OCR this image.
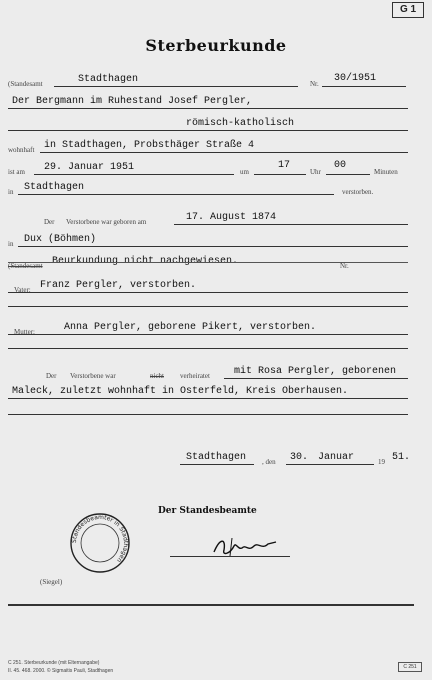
G 1
Sterbeurkunde
(Standesamt	Stadthagen	Nr. 30/1951
Der Bergmann im Ruhestand Josef Pergler,
römisch-katholisch
wohnhaft in Stadthagen, Probsthäger Straße 4
ist am 29. Januar 1951	um
17
Uhr
00
Minuten
in Stadthagen	verstorben.
Der Verstorbene war geboren am	17. August 1874
in Dux (Böhmen)
(Standesamt Beurkundung nicht nachgewiesen.	Nr.
Vater: Franz Pergler, verstorben.
Mutter:	Anna Pergler, geborene Pikert, verstorben.
Der Verstorbene war	nicht verheiratet mit Rosa Pergler, geborenen
Maleck, zuletzt wohnhaft in Osterfeld, Kreis Oberhausen.
Stadthagen , den 30. Januar	19 51.
Der Standesbeamte
Standesbeamter in Stadthagen
(Siegel)
C 251. Sterbeurkunde (mit Elternangabe)
II. 45. 468. 2000. © Sigmaitis Pauli, Stadthagen
C 251
